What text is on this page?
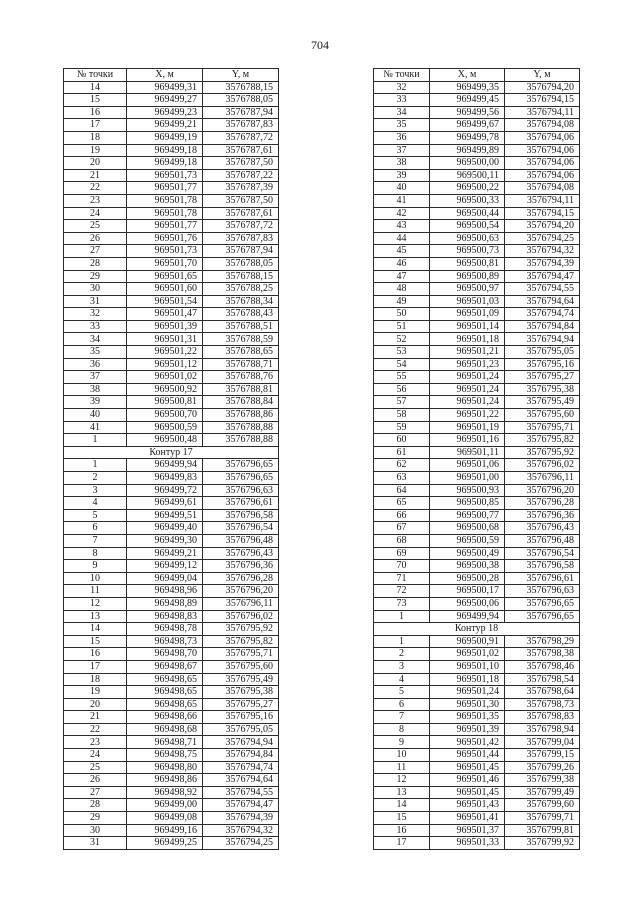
704
№ точки	X, м	Y, м
14	969499,31	3576788,15
15	969499,27	3576788,05
16	969499,23	3576787,94
17	969499,21	3576787,83
18	969499,19	3576787,72
19	969499,18	3576787,61
20	969499,18	3576787,50
21	969501,73	3576787,22
22	969501,77	3576787,39
23	969501,78	3576787,50
24	969501,78	3576787,61
25	969501,77	3576787,72
26	969501,76	3576787,83
27	969501,73	3576787,94
28	969501,70	3576788,05
29	969501,65	3576788,15
30	969501,60	3576788,25
31	969501,54	3576788,34
32	969501,47	3576788,43
33	969501,39	3576788,51
34	969501,31	3576788,59
35	969501,22	3576788,65
36	969501,12	3576788,71
37	969501,02	3576788,76
38	969500,92	3576788,81
39	969500,81	3576788,84
40	969500,70	3576788,86
41	969500,59	3576788,88
1	969500,48	3576788,88
Контур 17		
1	969499,94	3576796,65
2	969499,83	3576796,65
3	969499,72	3576796,63
4	969499,61	3576796,61
5	969499,51	3576796,58
6	969499,40	3576796,54
7	969499,30	3576796,48
8	969499,21	3576796,43
9	969499,12	3576796,36
10	969499,04	3576796,28
11	969498,96	3576796,20
12	969498,89	3576796,11
13	969498,83	3576796,02
14	969498,78	3576795,92
15	969498,73	3576795,82
16	969498,70	3576795,71
17	969498,67	3576795,60
18	969498,65	3576795,49
19	969498,65	3576795,38
20	969498,65	3576795,27
21	969498,66	3576795,16
22	969498,68	3576795,05
23	969498,71	3576794,94
24	969498,75	3576794,84
25	969498,80	3576794,74
26	969498,86	3576794,64
27	969498,92	3576794,55
28	969499,00	3576794,47
29	969499,08	3576794,39
30	969499,16	3576794,32
31	969499,25	3576794,25
№ точки	X, м	Y, м
32	969499,35	3576794,20
33	969499,45	3576794,15
34	969499,56	3576794,11
35	969499,67	3576794,08
36	969499,78	3576794,06
37	969499,89	3576794,06
38	969500,00	3576794,06
39	969500,11	3576794,06
40	969500,22	3576794,08
41	969500,33	3576794,11
42	969500,44	3576794,15
43	969500,54	3576794,20
44	969500,63	3576794,25
45	969500,73	3576794,32
46	969500,81	3576794,39
47	969500,89	3576794,47
48	969500,97	3576794,55
49	969501,03	3576794,64
50	969501,09	3576794,74
51	969501,14	3576794,84
52	969501,18	3576794,94
53	969501,21	3576795,05
54	969501,23	3576795,16
55	969501,24	3576795,27
56	969501,24	3576795,38
57	969501,24	3576795,49
58	969501,22	3576795,60
59	969501,19	3576795,71
60	969501,16	3576795,82
61	969501,11	3576795,92
62	969501,06	3576796,02
63	969501,00	3576796,11
64	969500,93	3576796,20
65	969500,85	3576796,28
66	969500,77	3576796,36
67	969500,68	3576796,43
68	969500,59	3576796,48
69	969500,49	3576796,54
70	969500,38	3576796,58
71	969500,28	3576796,61
72	969500,17	3576796,63
73	969500,06	3576796,65
1	969499,94	3576796,65
Контур 18		
1	969500,91	3576798,29
2	969501,02	3576798,38
3	969501,10	3576798,46
4	969501,18	3576798,54
5	969501,24	3576798,64
6	969501,30	3576798,73
7	969501,35	3576798,83
8	969501,39	3576798,94
9	969501,42	3576799,04
10	969501,44	3576799,15
11	969501,45	3576799,26
12	969501,46	3576799,38
13	969501,45	3576799,49
14	969501,43	3576799,60
15	969501,41	3576799,71
16	969501,37	3576799,81
17	969501,33	3576799,92
